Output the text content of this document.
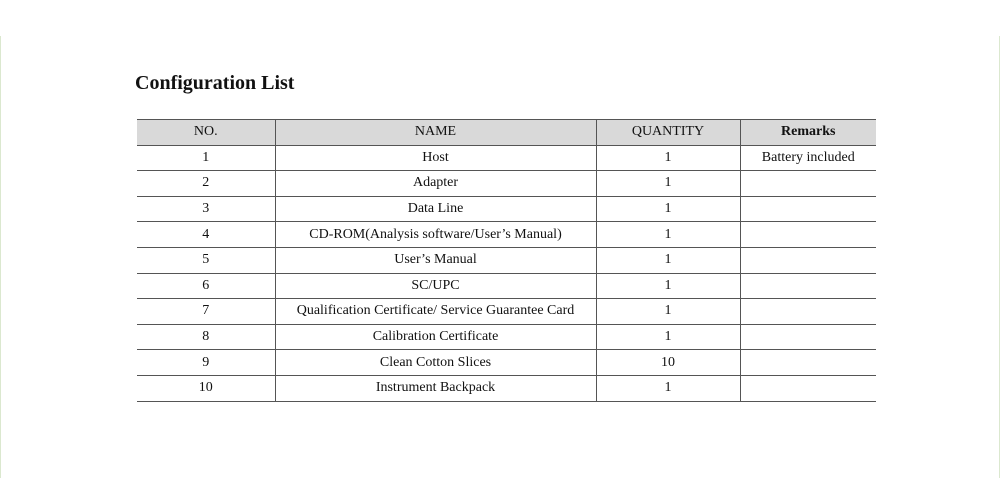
Configuration List
NO.	NAME	QUANTITY	Remarks
1	Host	1	Battery included
2	Adapter	1	
3	Data Line	1	
4	CD-ROM(Analysis software/User’s Manual)	1	
5	User’s Manual	1	
6	SC/UPC	1	
7	Qualification Certificate/ Service Guarantee Card	1	
8	Calibration Certificate	1	
9	Clean Cotton Slices	10	
10	Instrument Backpack	1	
